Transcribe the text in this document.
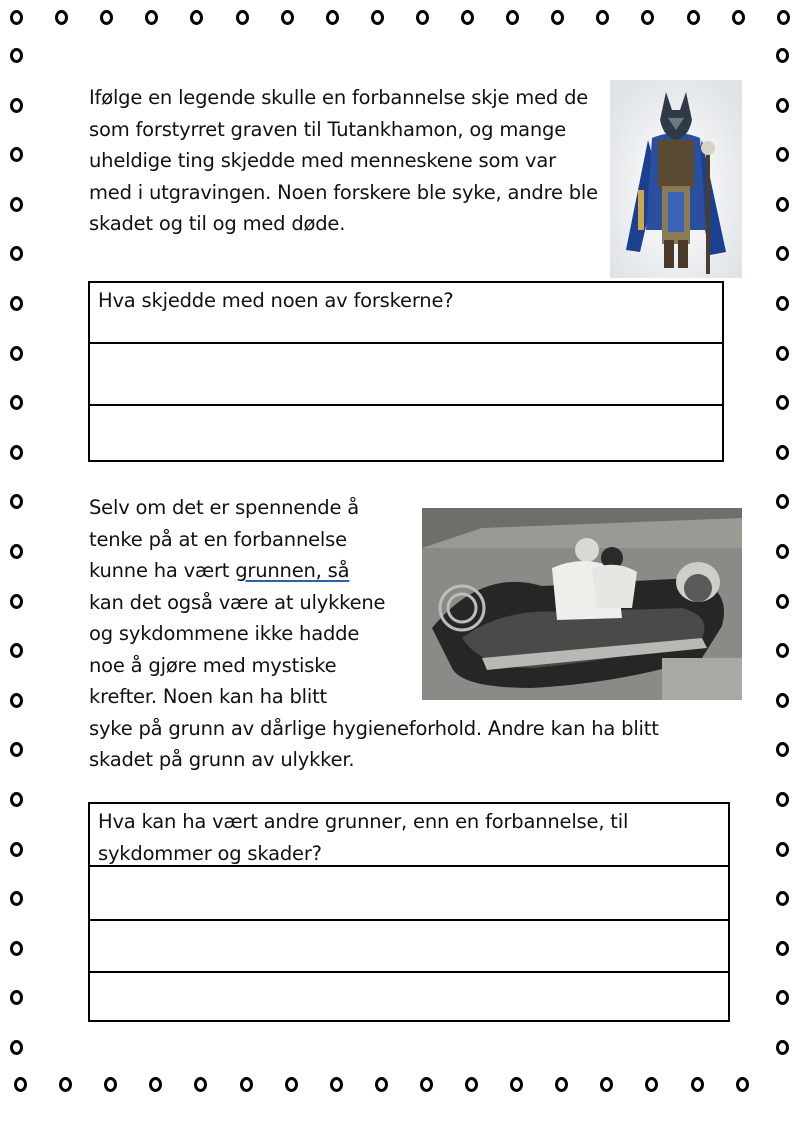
Ifølge en legende skulle en forbannelse skje med de som forstyrret graven til Tutankhamon, og mange uheldige ting skjedde med menneskene som var med i utgravingen. Noen forskere ble syke, andre ble skadet og til og med døde.

Hva skjedde med noen av forskerne?
Selv om det er spennende å
tenke på at en forbannelse
kunne ha vært grunnen, så
kan det også være at ulykkene
og sykdommene ikke hadde
noe å gjøre med mystiske
krefter. Noen kan ha blitt
syke på grunn av dårlige hygieneforhold. Andre kan ha blitt
skadet på grunn av ulykker.
Hva kan ha vært andre grunner, enn en forbannelse, til sykdommer og skader?
